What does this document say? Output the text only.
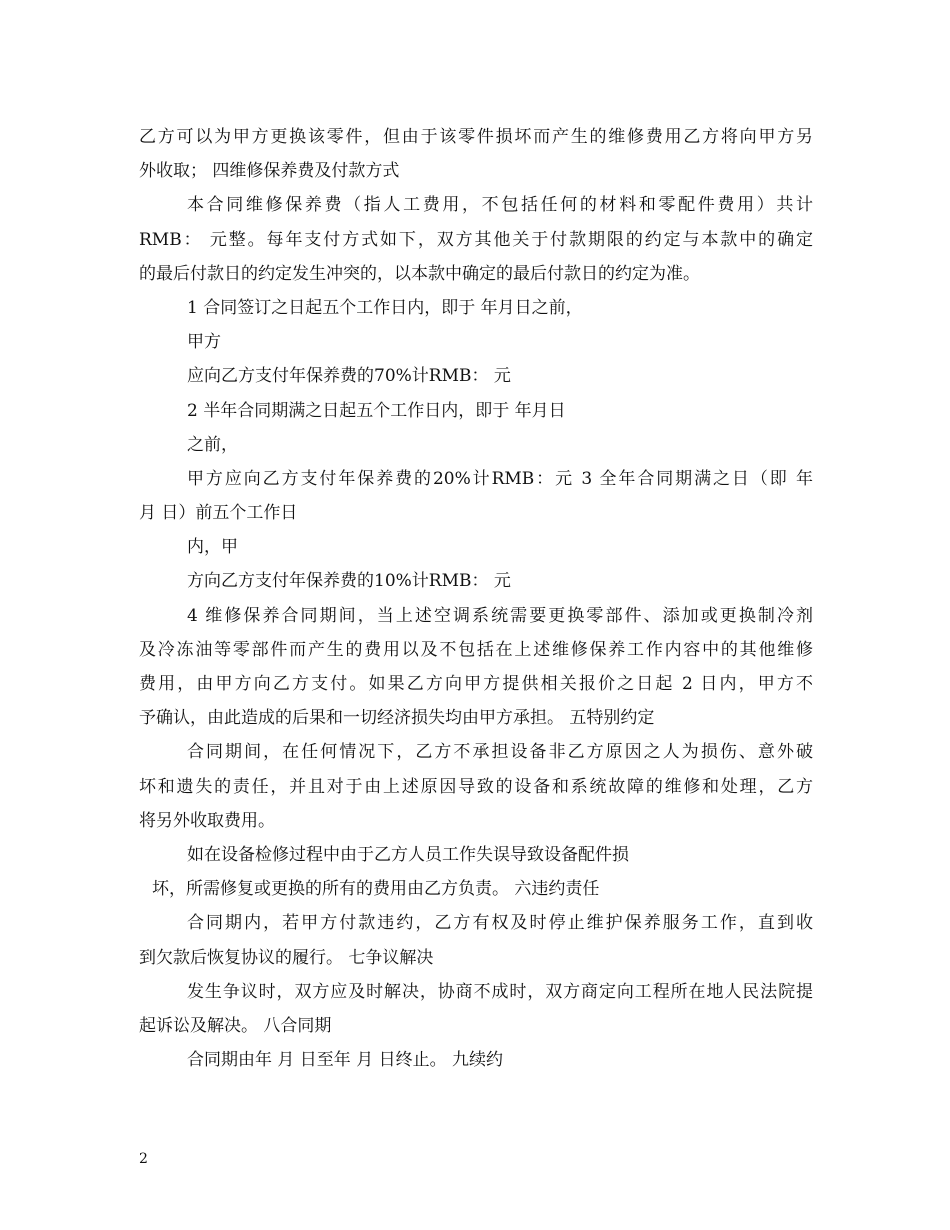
乙方可以为甲方更换该零件，但由于该零件损坏而产生的维修费用乙方将向甲方另
外收取； 四维修保养费及付款方式
本合同维修保养费（指人工费用，不包括任何的材料和零配件费用）共计
RMB： 元整。每年支付方式如下，双方其他关于付款期限的约定与本款中的确定
的最后付款日的约定发生冲突的，以本款中确定的最后付款日的约定为准。
1 合同签订之日起五个工作日内，即于 年月日之前，
甲方
应向乙方支付年保养费的70%计RMB： 元
2 半年合同期满之日起五个工作日内，即于 年月日
之前，
甲方应向乙方支付年保养费的20%计RMB：元 3 全年合同期满之日（即 年
月 日）前五个工作日
内，甲
方向乙方支付年保养费的10%计RMB： 元
4 维修保养合同期间，当上述空调系统需要更换零部件、添加或更换制冷剂
及冷冻油等零部件而产生的费用以及不包括在上述维修保养工作内容中的其他维修
费用，由甲方向乙方支付。如果乙方向甲方提供相关报价之日起 2 日内，甲方不
予确认，由此造成的后果和一切经济损失均由甲方承担。 五特别约定
合同期间，在任何情况下，乙方不承担设备非乙方原因之人为损伤、意外破
坏和遗失的责任，并且对于由上述原因导致的设备和系统故障的维修和处理，乙方
将另外收取费用。
如在设备检修过程中由于乙方人员工作失误导致设备配件损
坏，所需修复或更换的所有的费用由乙方负责。 六违约责任
合同期内，若甲方付款违约，乙方有权及时停止维护保养服务工作，直到收
到欠款后恢复协议的履行。 七争议解决
发生争议时，双方应及时解决，协商不成时，双方商定向工程所在地人民法院提
起诉讼及解决。 八合同期
合同期由年 月 日至年 月 日终止。 九续约
2
